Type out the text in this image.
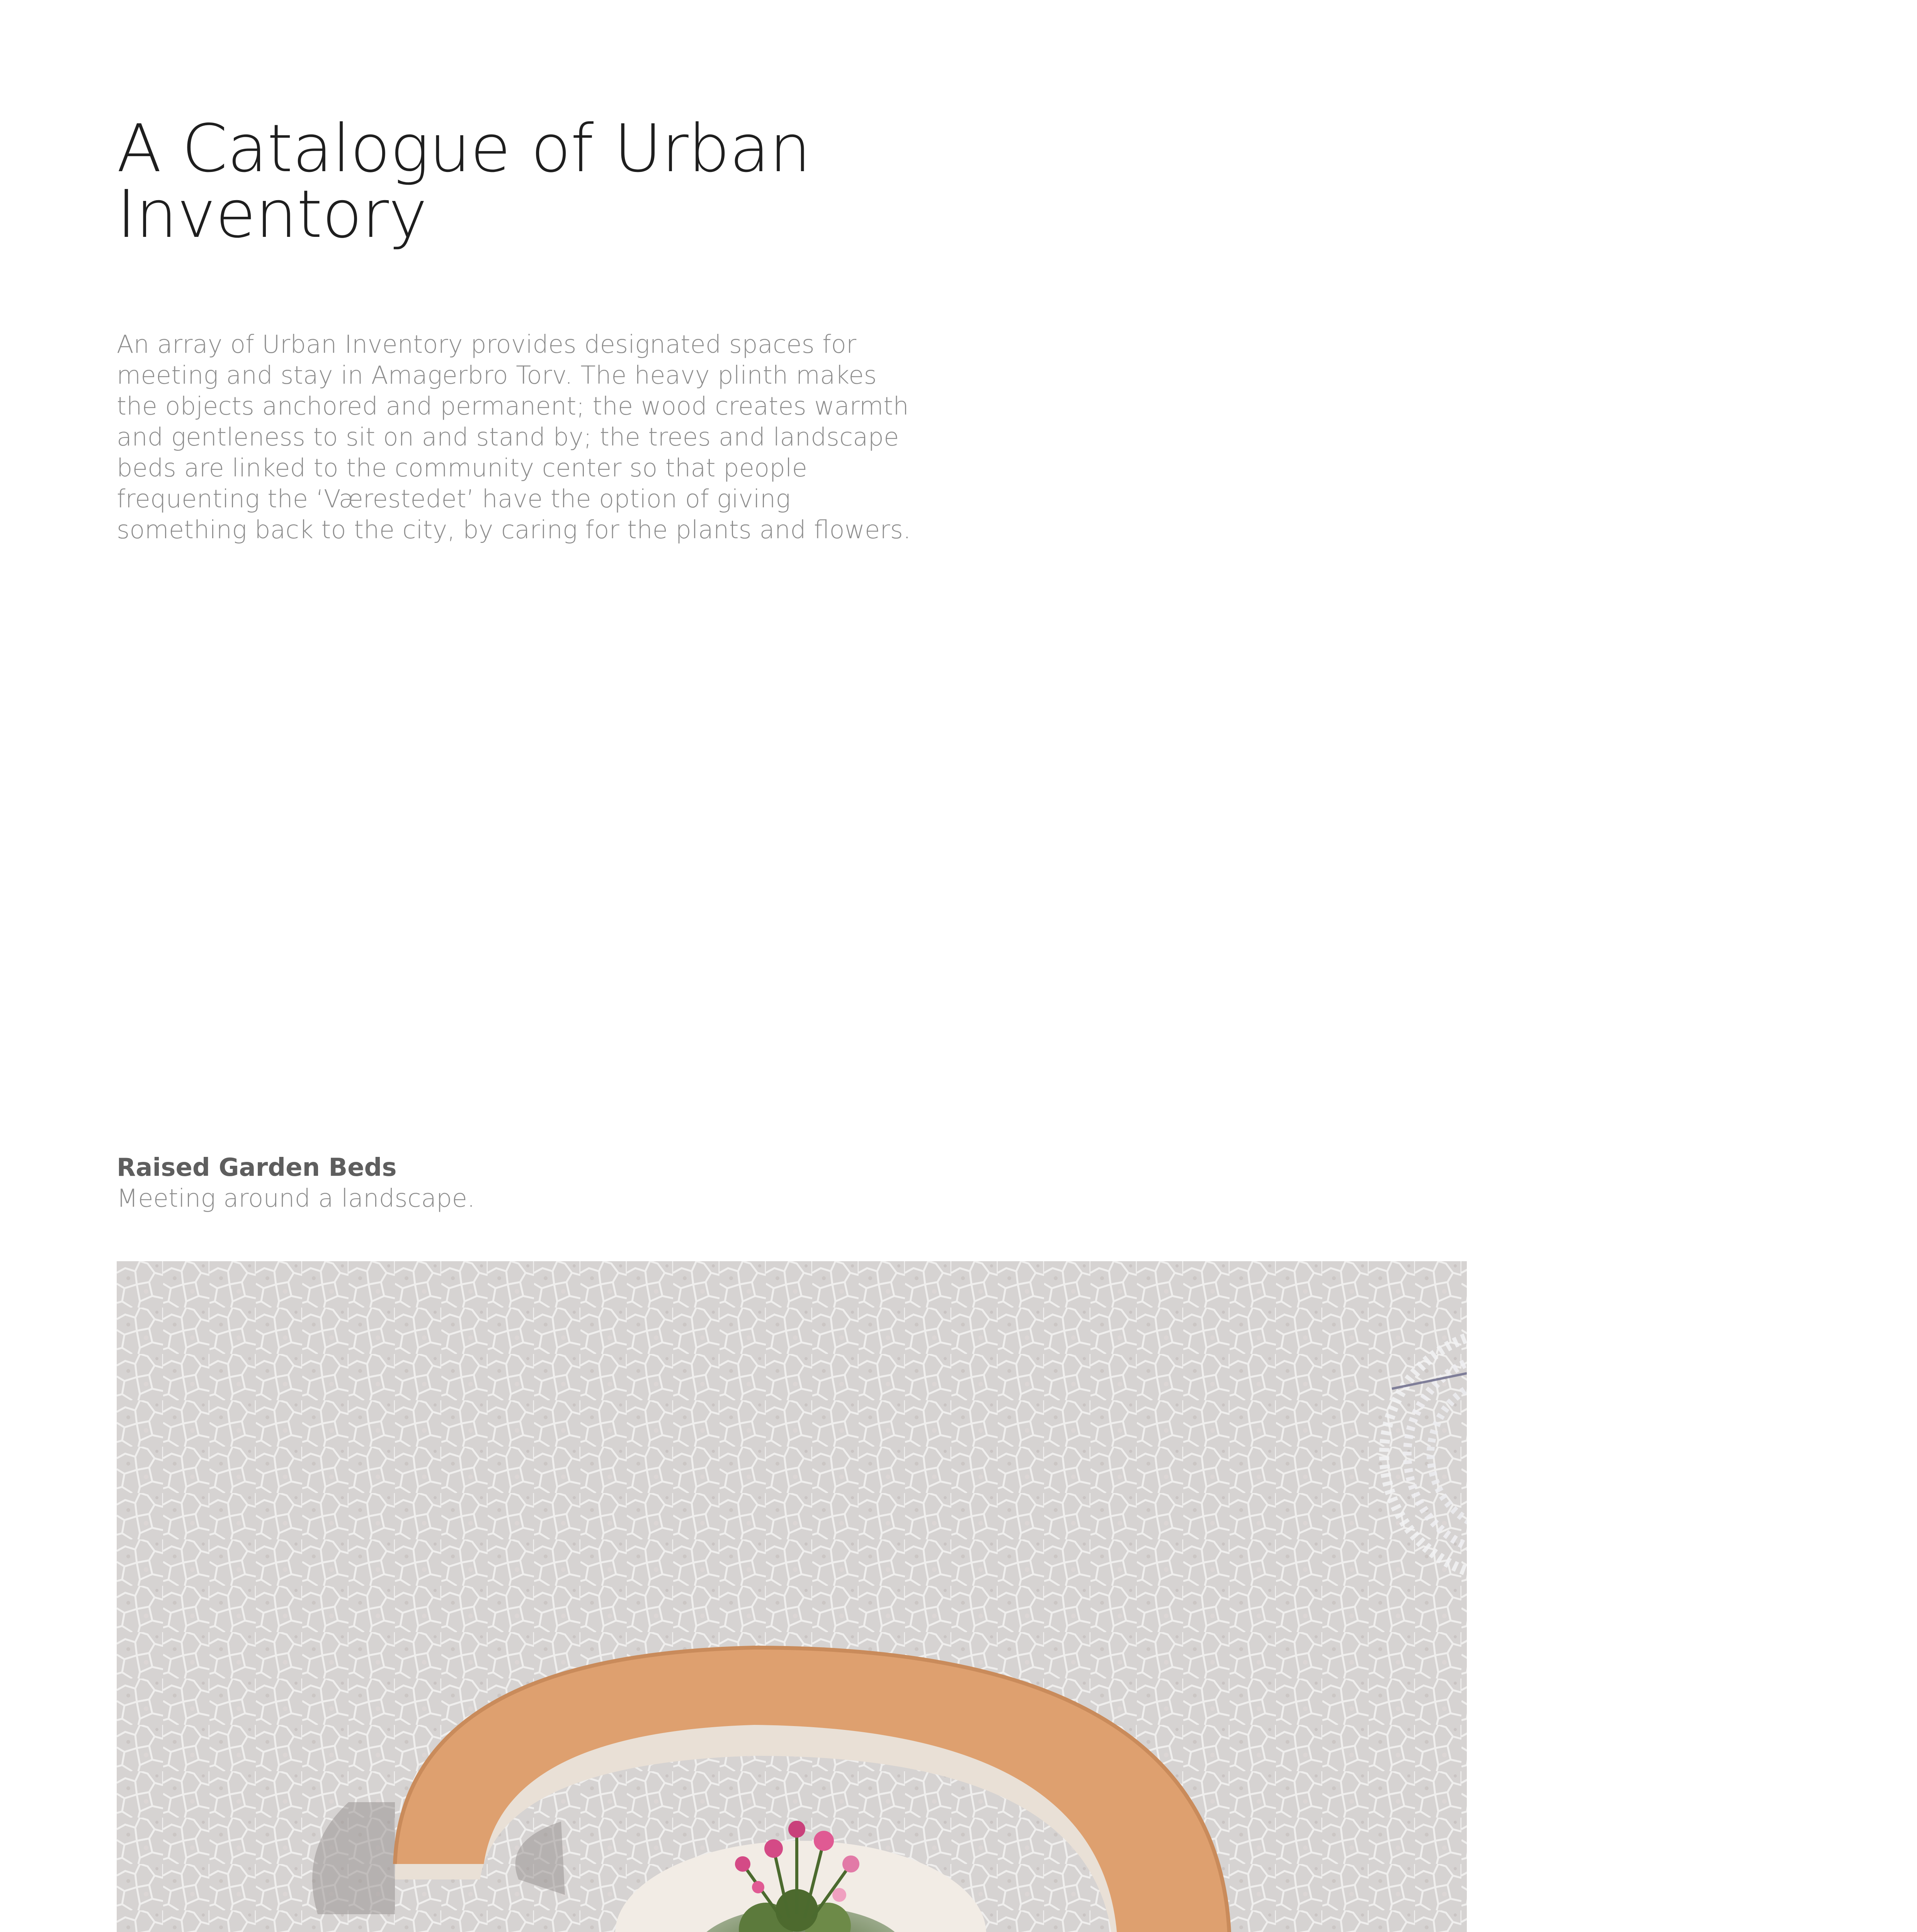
A Catalogue of Urban Inventory

An array of Urban Inventory provides designated spaces for meeting and stay in Amagerbro Torv. The heavy plinth makes the objects anchored and permanent; the wood creates warmth and gentleness to sit on and stand by; the trees and landscape beds are linked to the community center so that people frequenting the ‘Værestedet’ have the option of giving something back to the city, by caring for the plants and flowers.

Raised Garden Beds

Meeting around a landscape.
